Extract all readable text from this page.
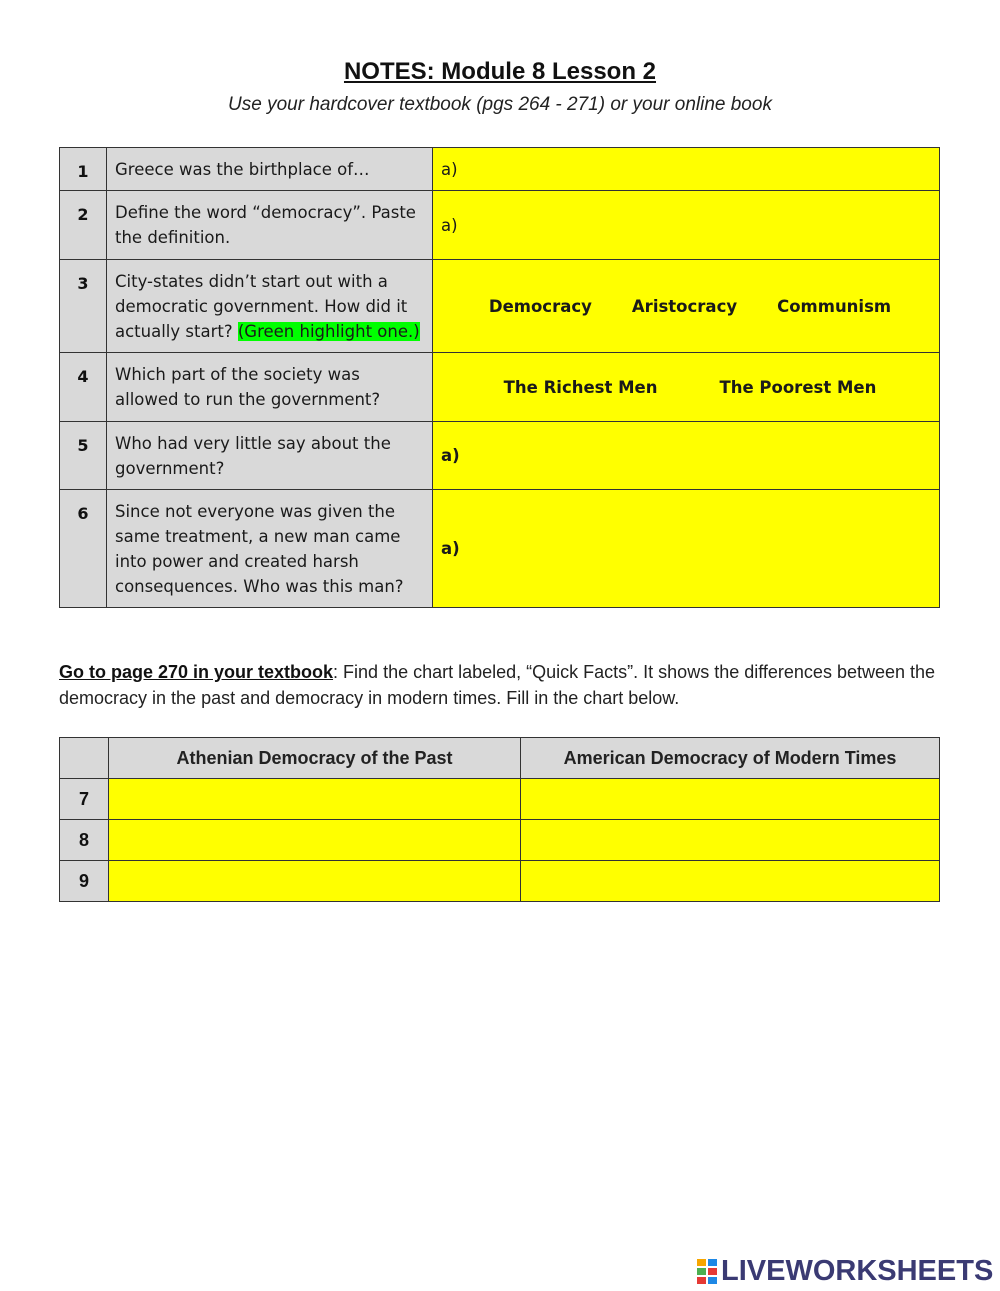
NOTES: Module 8 Lesson 2
Use your hardcover textbook (pgs 264 - 271) or your online book
1	Greece was the birthplace of…	a)
2	Define the word “democracy”. Paste the definition.	a)
3	City-states didn’t start out with a democratic government. How did it actually start? (Green highlight one.)	Democracy Aristocracy Communism

4	Which part of the society was allowed to run the government?	The Richest Men The Poorest Men

5	Who had very little say about the government?	a)
6	Since not everyone was given the same treatment, a new man came into power and created harsh consequences. Who was this man?	a)
Go to page 270 in your textbook: Find the chart labeled, “Quick Facts”. It shows the differences between the democracy in the past and democracy in modern times. Fill in the chart below.
	Athenian Democracy of the Past	American Democracy of Modern Times
7		
8		
9		
LIVEWORKSHEETS
